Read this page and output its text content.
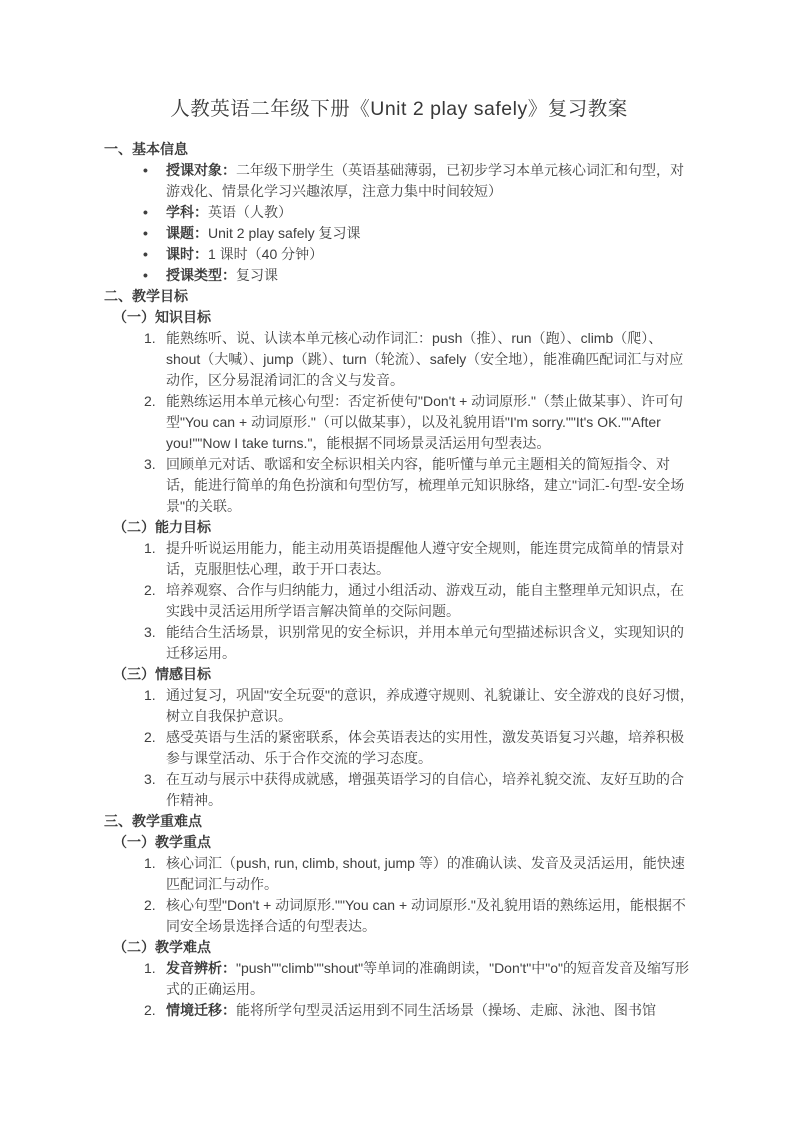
人教英语二年级下册《Unit 2 play safely》复习教案
一、基本信息
• 授课对象：二年级下册学生（英语基础薄弱，已初步学习本单元核心词汇和句型，对游戏化、情景化学习兴趣浓厚，注意力集中时间较短）
• 学科：英语（人教）
• 课题：Unit 2 play safely 复习课
• 课时：1 课时（40 分钟）
• 授课类型：复习课
二、教学目标
（一）知识目标
能熟练听、说、认读本单元核心动作词汇：push（推）、run（跑）、climb（爬）、shout（大喊）、jump（跳）、turn（轮流）、safely（安全地），能准确匹配词汇与对应动作，区分易混淆词汇的含义与发音。
能熟练运用本单元核心句型：否定祈使句"Don't + 动词原形."（禁止做某事）、许可句型"You can + 动词原形."（可以做某事），以及礼貌用语"I'm sorry.""It's OK.""After you!""Now I take turns."，能根据不同场景灵活运用句型表达。
回顾单元对话、歌谣和安全标识相关内容，能听懂与单元主题相关的简短指令、对话，能进行简单的角色扮演和句型仿写，梳理单元知识脉络，建立"词汇-句型-安全场景"的关联。
（二）能力目标
提升听说运用能力，能主动用英语提醒他人遵守安全规则，能连贯完成简单的情景对话，克服胆怯心理，敢于开口表达。
培养观察、合作与归纳能力，通过小组活动、游戏互动，能自主整理单元知识点，在实践中灵活运用所学语言解决简单的交际问题。
能结合生活场景，识别常见的安全标识，并用本单元句型描述标识含义，实现知识的迁移运用。
（三）情感目标
通过复习，巩固"安全玩耍"的意识，养成遵守规则、礼貌谦让、安全游戏的良好习惯，树立自我保护意识。
感受英语与生活的紧密联系，体会英语表达的实用性，激发英语复习兴趣，培养积极参与课堂活动、乐于合作交流的学习态度。
在互动与展示中获得成就感，增强英语学习的自信心，培养礼貌交流、友好互助的合作精神。
三、教学重难点
（一）教学重点
核心词汇（push, run, climb, shout, jump 等）的准确认读、发音及灵活运用，能快速匹配词汇与动作。
核心句型"Don't + 动词原形.""You can + 动词原形."及礼貌用语的熟练运用，能根据不同安全场景选择合适的句型表达。
（二）教学难点
发音辨析："push""climb""shout"等单词的准确朗读，"Don't"中"o"的短音发音及缩写形式的正确运用。
情境迁移：能将所学句型灵活运用到不同生活场景（操场、走廊、泳池、图书馆
